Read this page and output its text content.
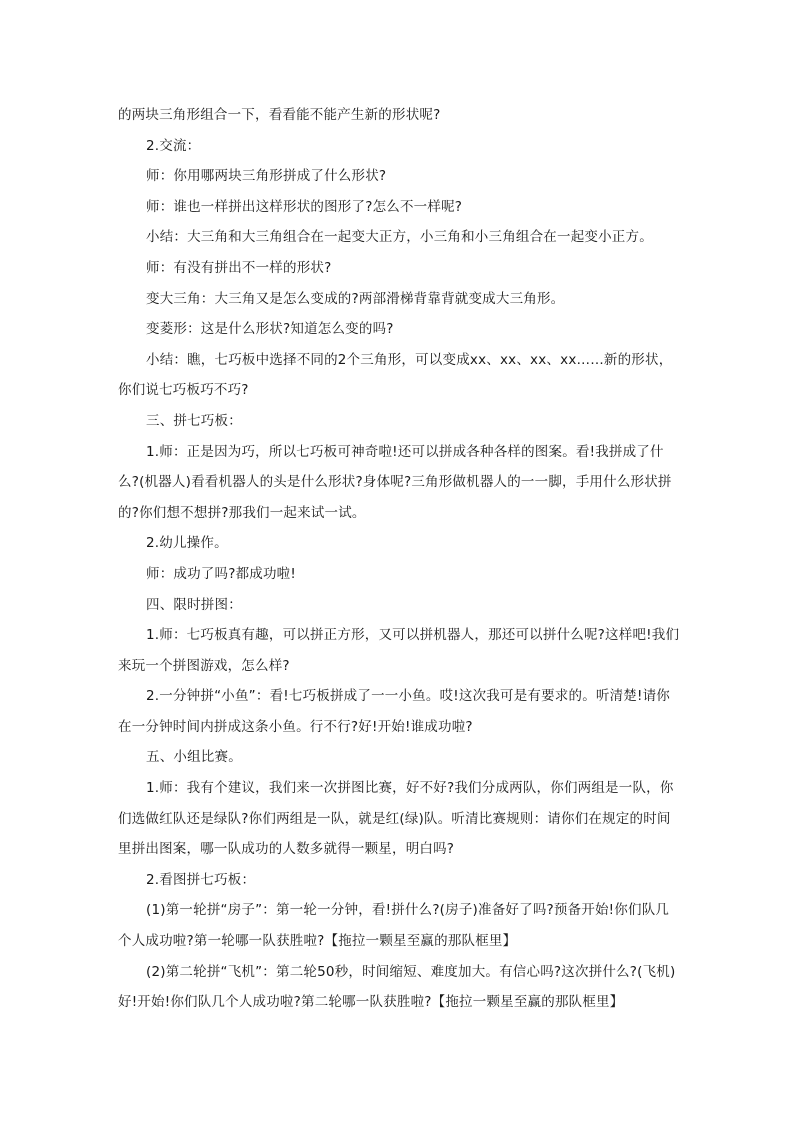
的两块三角形组合一下，看看能不能产生新的形状呢?

2.交流：

师：你用哪两块三角形拼成了什么形状?

师：谁也一样拼出这样形状的图形了?怎么不一样呢?

小结：大三角和大三角组合在一起变大正方，小三角和小三角组合在一起变小正方。

师：有没有拼出不一样的形状?

变大三角：大三角又是怎么变成的?两部滑梯背靠背就变成大三角形。

变菱形：这是什么形状?知道怎么变的吗?

小结：瞧，七巧板中选择不同的2个三角形，可以变成xx、xx、xx、xx……新的形状，你们说七巧板巧不巧?

三、拼七巧板：

1.师：正是因为巧，所以七巧板可神奇啦!还可以拼成各种各样的图案。看!我拼成了什么?(机器人)看看机器人的头是什么形状?身体呢?三角形做机器人的一一脚，手用什么形状拼的?你们想不想拼?那我们一起来试一试。

2.幼儿操作。

师：成功了吗?都成功啦!

四、限时拼图：

1.师：七巧板真有趣，可以拼正方形，又可以拼机器人，那还可以拼什么呢?这样吧!我们来玩一个拼图游戏，怎么样?

2.一分钟拼“小鱼”：看!七巧板拼成了一一小鱼。哎!这次我可是有要求的。听清楚!请你在一分钟时间内拼成这条小鱼。行不行?好!开始!谁成功啦?

五、小组比赛。

1.师：我有个建议，我们来一次拼图比赛，好不好?我们分成两队，你们两组是一队，你们选做红队还是绿队?你们两组是一队，就是红(绿)队。听清比赛规则：请你们在规定的时间里拼出图案，哪一队成功的人数多就得一颗星，明白吗?

2.看图拼七巧板：

(1)第一轮拼“房子”：第一轮一分钟，看!拼什么?(房子)准备好了吗?预备开始!你们队几个人成功啦?第一轮哪一队获胜啦?【拖拉一颗星至赢的那队框里】

(2)第二轮拼“飞机”：第二轮50秒，时间缩短、难度加大。有信心吗?这次拼什么?(飞机)好!开始!你们队几个人成功啦?第二轮哪一队获胜啦?【拖拉一颗星至赢的那队框里】
